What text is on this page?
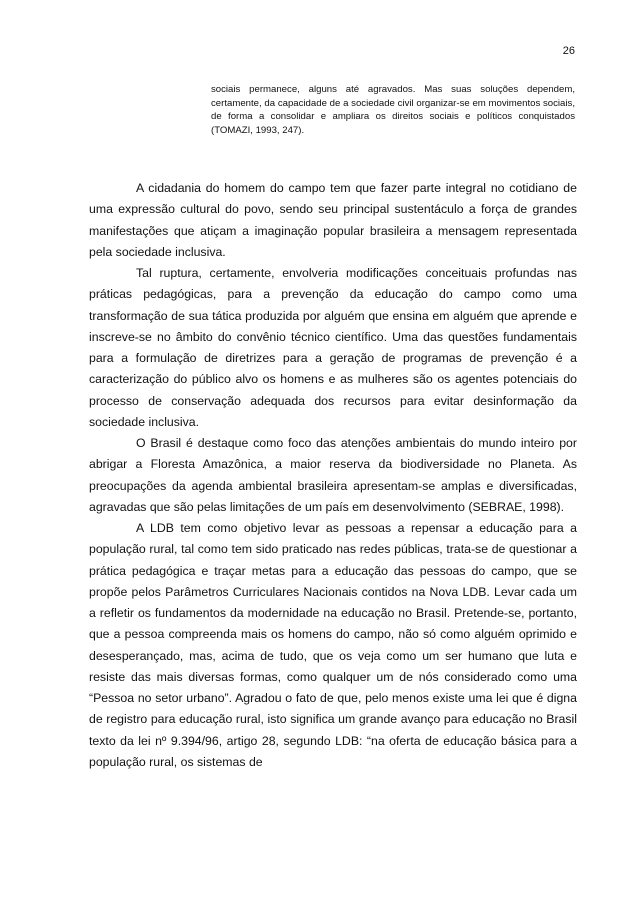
26

sociais permanece, alguns até agravados. Mas suas soluções dependem, certamente, da capacidade de a sociedade civil organizar-se em movimentos sociais, de forma a consolidar e ampliara os direitos sociais e políticos conquistados (TOMAZI, 1993, 247).

A cidadania do homem do campo tem que fazer parte integral no cotidiano de uma expressão cultural do povo, sendo seu principal sustentáculo a força de grandes manifestações que atiçam a imaginação popular brasileira a mensagem representada pela sociedade inclusiva.

Tal ruptura, certamente, envolveria modificações conceituais profundas nas práticas pedagógicas, para a prevenção da educação do campo como uma transformação de sua tática produzida por alguém que ensina em alguém que aprende e inscreve-se no âmbito do convênio técnico científico. Uma das questões fundamentais para a formulação de diretrizes para a geração de programas de prevenção é a caracterização do público alvo os homens e as mulheres são os agentes potenciais do processo de conservação adequada dos recursos para evitar desinformação da sociedade inclusiva.

O Brasil é destaque como foco das atenções ambientais do mundo inteiro por abrigar a Floresta Amazônica, a maior reserva da biodiversidade no Planeta. As preocupações da agenda ambiental brasileira apresentam-se amplas e diversificadas, agravadas que são pelas limitações de um país em desenvolvimento (SEBRAE, 1998).

A LDB tem como objetivo levar as pessoas a repensar a educação para a população rural, tal como tem sido praticado nas redes públicas, trata-se de questionar a prática pedagógica e traçar metas para a educação das pessoas do campo, que se propõe pelos Parâmetros Curriculares Nacionais contidos na Nova LDB. Levar cada um a refletir os fundamentos da modernidade na educação no Brasil. Pretende-se, portanto, que a pessoa compreenda mais os homens do campo, não só como alguém oprimido e desesperançado, mas, acima de tudo, que os veja como um ser humano que luta e resiste das mais diversas formas, como qualquer um de nós considerado como uma “Pessoa no setor urbano”. Agradou o fato de que, pelo menos existe uma lei que é digna de registro para educação rural, isto significa um grande avanço para educação no Brasil texto da lei nº 9.394/96, artigo 28, segundo LDB: “na oferta de educação básica para a população rural, os sistemas de
